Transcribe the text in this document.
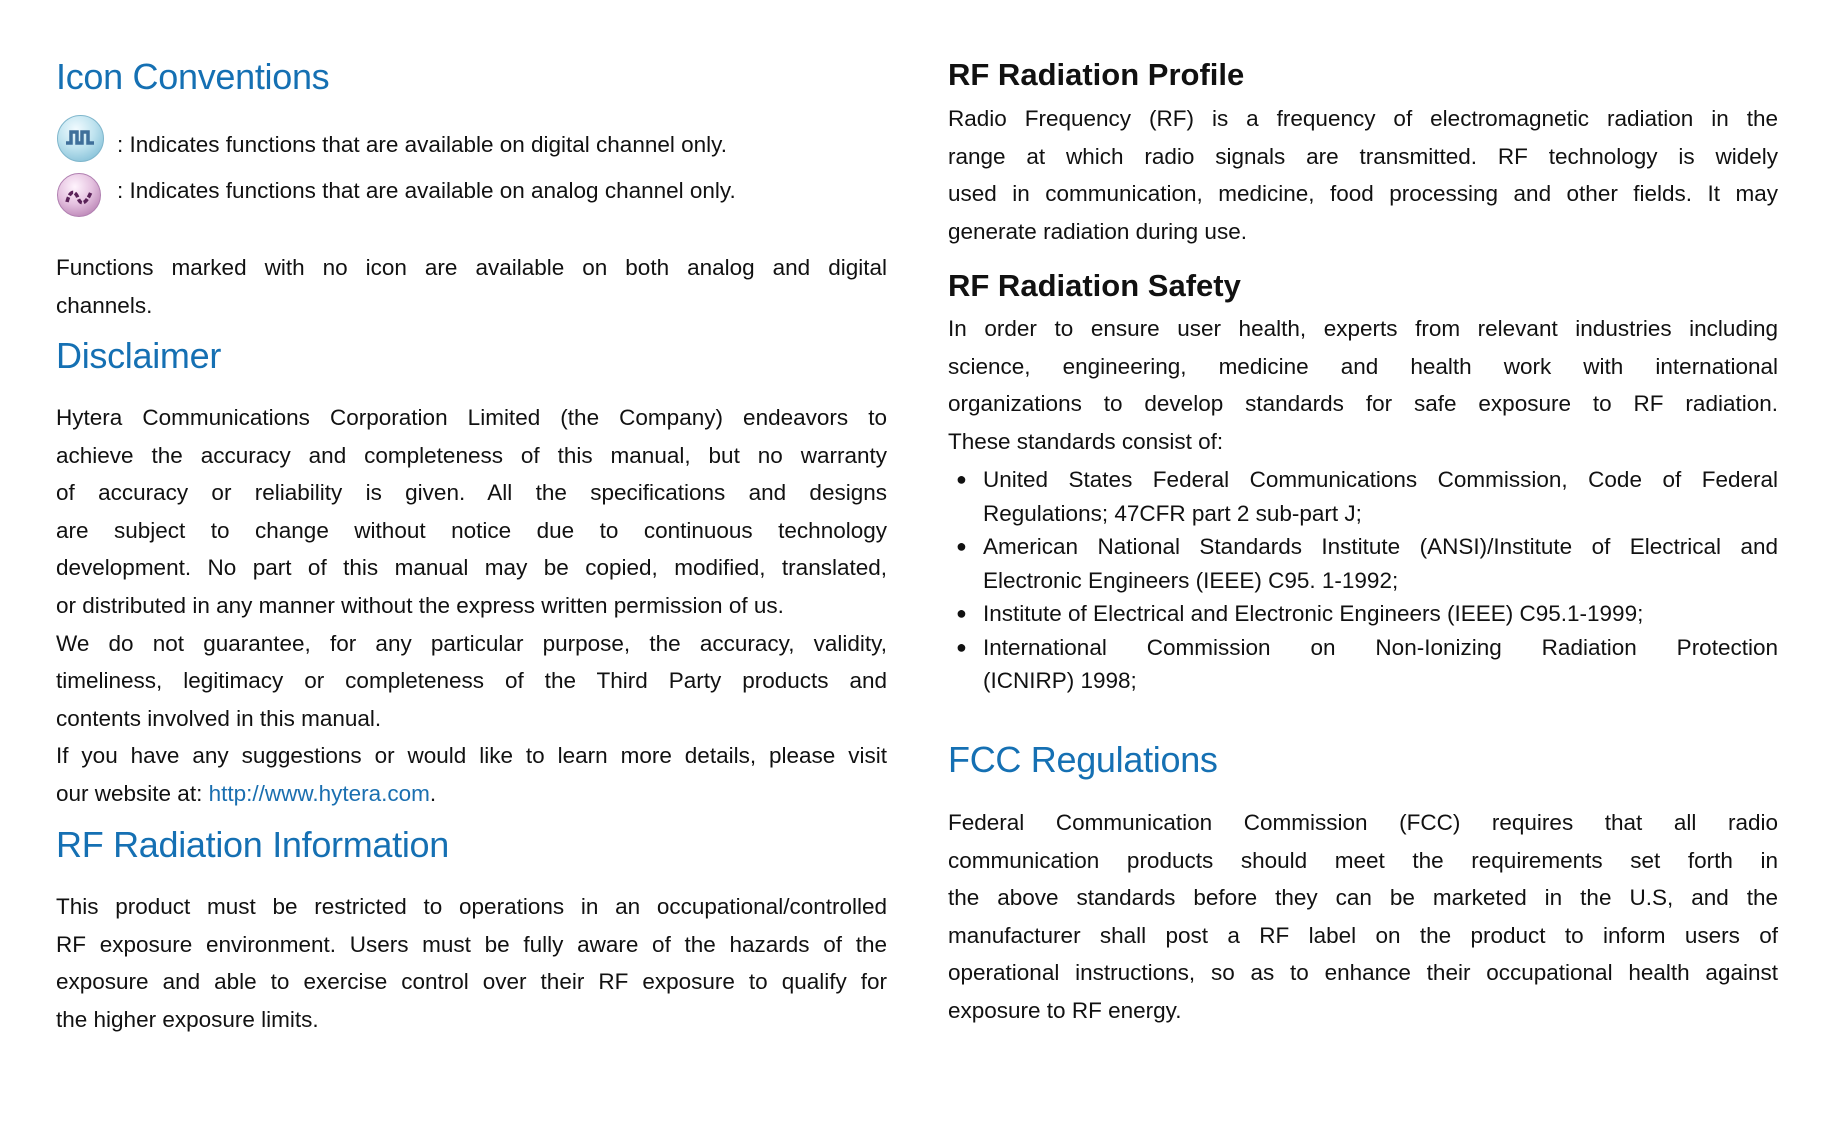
Icon Conventions
: Indicates functions that are available on digital channel only.
: Indicates functions that are available on analog channel only.
Functions marked with no icon are available on both analog and digital
channels.
Disclaimer
Hytera Communications Corporation Limited (the Company) endeavors to
achieve the accuracy and completeness of this manual, but no warranty
of accuracy or reliability is given. All the specifications and designs
are subject to change without notice due to continuous technology
development. No part of this manual may be copied, modified, translated,
or distributed in any manner without the express written permission of us.
We do not guarantee, for any particular purpose, the accuracy, validity,
timeliness, legitimacy or completeness of the Third Party products and
contents involved in this manual.
If you have any suggestions or would like to learn more details, please visit
our website at: http://www.hytera.com.
RF Radiation Information
This product must be restricted to operations in an occupational/controlled
RF exposure environment. Users must be fully aware of the hazards of the
exposure and able to exercise control over their RF exposure to qualify for
the higher exposure limits.
RF Radiation Profile
Radio Frequency (RF) is a frequency of electromagnetic radiation in the
range at which radio signals are transmitted. RF technology is widely
used in communication, medicine, food processing and other fields. It may
generate radiation during use.
RF Radiation Safety
In order to ensure user health, experts from relevant industries including
science, engineering, medicine and health work with international
organizations to develop standards for safe exposure to RF radiation.
These standards consist of:
● United States Federal Communications Commission, Code of Federal
Regulations; 47CFR part 2 sub-part J;
● American National Standards Institute (ANSI)/Institute of Electrical and
Electronic Engineers (IEEE) C95. 1-1992;
● Institute of Electrical and Electronic Engineers (IEEE) C95.1-1999;
● International Commission on Non-Ionizing Radiation Protection
(ICNIRP) 1998;
FCC Regulations
Federal Communication Commission (FCC) requires that all radio
communication products should meet the requirements set forth in
the above standards before they can be marketed in the U.S, and the
manufacturer shall post a RF label on the product to inform users of
operational instructions, so as to enhance their occupational health against
exposure to RF energy.
